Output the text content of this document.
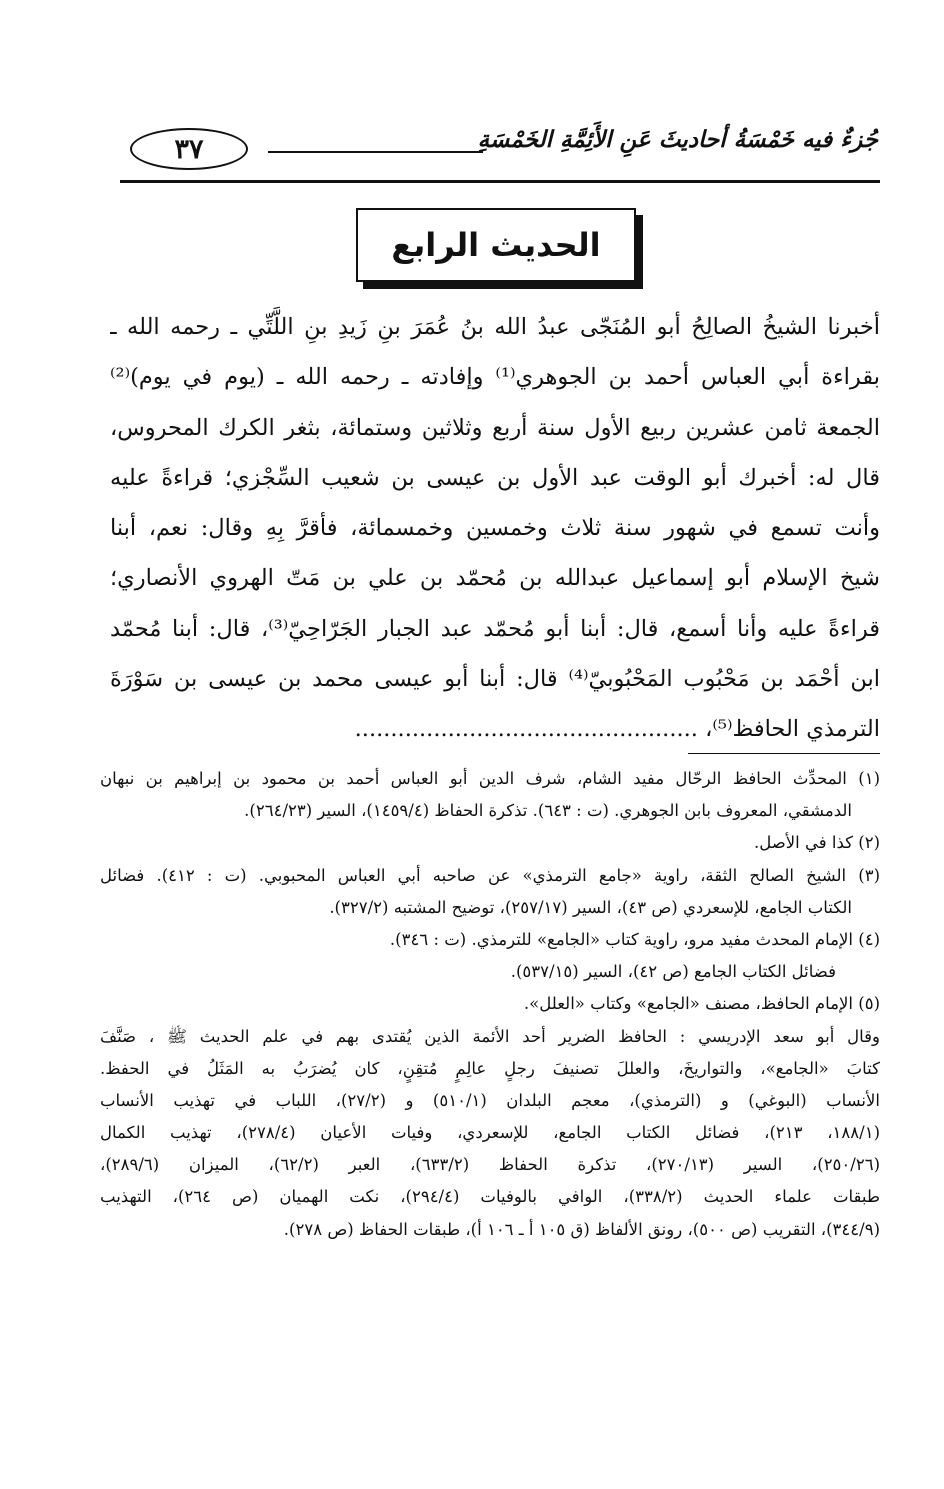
٣٧	جُزءٌ فيه خَمْسَةُ أحاديثَ عَنِ الأَئِمَّةِ الخَمْسَةِ
الحديث الرابع
أخبرنا الشيخُ الصالِحُ أبو المُنَجّى عبدُ الله بنُ عُمَرَ بنِ زَيدِ بنِ اللَّتِّي ـ رحمه الله ـ
بقراءة أبي العباس أحمد بن الجوهري⁽¹⁾ وإفادته ـ رحمه الله ـ (يوم في يوم)⁽²⁾
الجمعة ثامن عشرين ربيع الأول سنة أربع وثلاثين وستمائة، بثغر الكرك المحروس،
قال له: أخبرك أبو الوقت عبد الأول بن عيسى بن شعيب السِّجْزي؛ قراءةً عليه
وأنت تسمع في شهور سنة ثلاث وخمسين وخمسمائة، فأقرَّ بِهِ وقال: نعم، أبنا
شيخ الإسلام أبو إسماعيل عبدالله بن مُحمّد بن علي بن مَتّ الهروي الأنصاري؛
قراءةً عليه وأنا أسمع، قال: أبنا أبو مُحمّد عبد الجبار الجَرّاحِيّ⁽³⁾، قال: أبنا مُحمّد
ابن أحْمَد بن مَحْبُوب المَحْبُوبيّ⁽⁴⁾ قال: أبنا أبو عيسى محمد بن عيسى بن سَوْرَةَ
الترمذي الحافظ⁽⁵⁾، ................................................
(١) المحدِّث الحافظ الرحّال مفيد الشام، شرف الدين أبو العباس أحمد بن محمود بن إبراهيم بن نبهان
الدمشقي، المعروف بابن الجوهري. (ت : ٦٤٣). تذكرة الحفاظ (١٤٥٩/٤)، السير (٢٦٤/٢٣).
(٢) كذا في الأصل.
(٣) الشيخ الصالح الثقة، راوية «جامع الترمذي» عن صاحبه أبي العباس المحبوبي. (ت : ٤١٢). فضائل
الكتاب الجامع، للإسعردي (ص ٤٣)، السير (٢٥٧/١٧)، توضيح المشتبه (٣٢٧/٢).
(٤) الإمام المحدث مفيد مرو، راوية كتاب «الجامع» للترمذي. (ت : ٣٤٦).
فضائل الكتاب الجامع (ص ٤٢)، السير (٥٣٧/١٥).
(٥) الإمام الحافظ، مصنف «الجامع» وكتاب «العلل».
وقال أبو سعد الإدريسي : الحافظ الضرير أحد الأئمة الذين يُقتدى بهم في علم الحديث ﷺ ، صَنَّفَ
كتابَ «الجامع»، والتواريخَ، والعللَ تصنيفَ رجلٍ عالِمٍ مُتقِنٍ، كان يُضرَبُ به المَثَلُ في الحفظ.
الأنساب (البوغي) و (الترمذي)، معجم البلدان (٥١٠/١) و (٢٧/٢)، اللباب في تهذيب الأنساب
(١٨٨/١، ٢١٣)، فضائل الكتاب الجامع، للإسعردي، وفيات الأعيان (٢٧٨/٤)، تهذيب الكمال
(٢٥٠/٢٦)، السير (٢٧٠/١٣)، تذكرة الحفاظ (٦٣٣/٢)، العبر (٦٢/٢)، الميزان (٢٨٩/٦)،
طبقات علماء الحديث (٣٣٨/٢)، الوافي بالوفيات (٢٩٤/٤)، نكت الهميان (ص ٢٦٤)، التهذيب
(٣٤٤/٩)، التقريب (ص ٥٠٠)، رونق الألفاظ (ق ١٠٥ أ ـ ١٠٦ أ)، طبقات الحفاظ (ص ٢٧٨).
